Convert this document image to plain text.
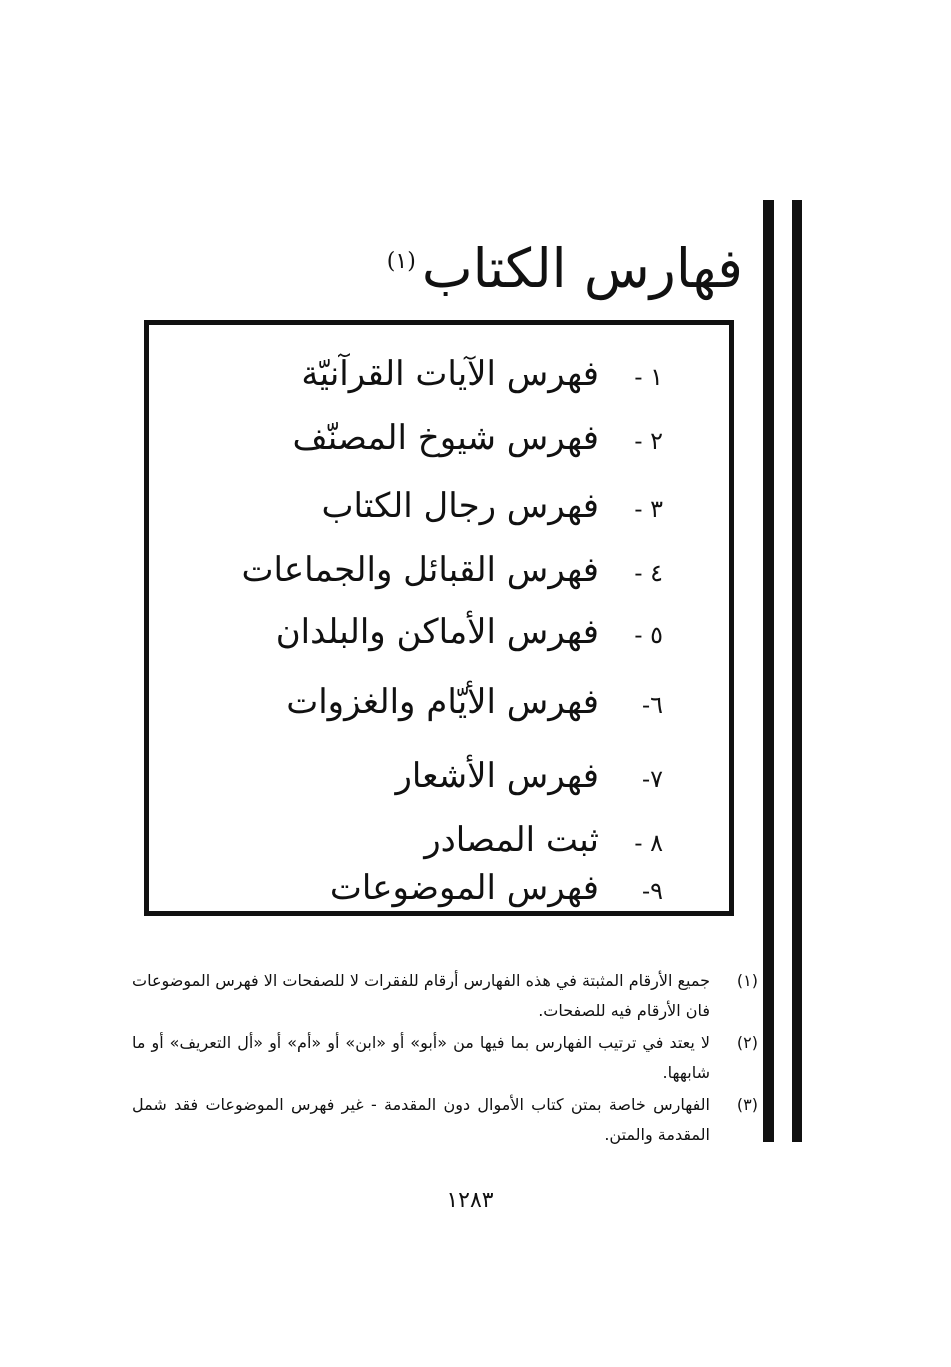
فهارس الكتاب$^{(١)}$
١ -فهرس الآيات القرآنيّة
٢ -فهرس شيوخ المصنّف
٣ -فهرس رجال الكتاب
٤ -فهرس القبائل والجماعات
٥ -فهرس الأماكن والبلدان
٦-فهرس الأيّام والغزوات
٧-فهرس الأشعار
٨ -ثبت المصادر
٩-فهرس الموضوعات
(١)
جميع الأرقام المثبتة في هذه الفهارس أرقام للفقرات لا للصفحات الا فهرس الموضوعات فان الأرقام فيه للصفحات.
(٢)
لا يعتد في ترتيب الفهارس بما فيها من «أبو» أو «ابن» أو «أم» أو «أل التعريف» أو ما شابهها.
(٣)
الفهارس خاصة بمتن كتاب الأموال دون المقدمة - غير فهرس الموضوعات فقد شمل المقدمة والمتن.
١٢٨٣
